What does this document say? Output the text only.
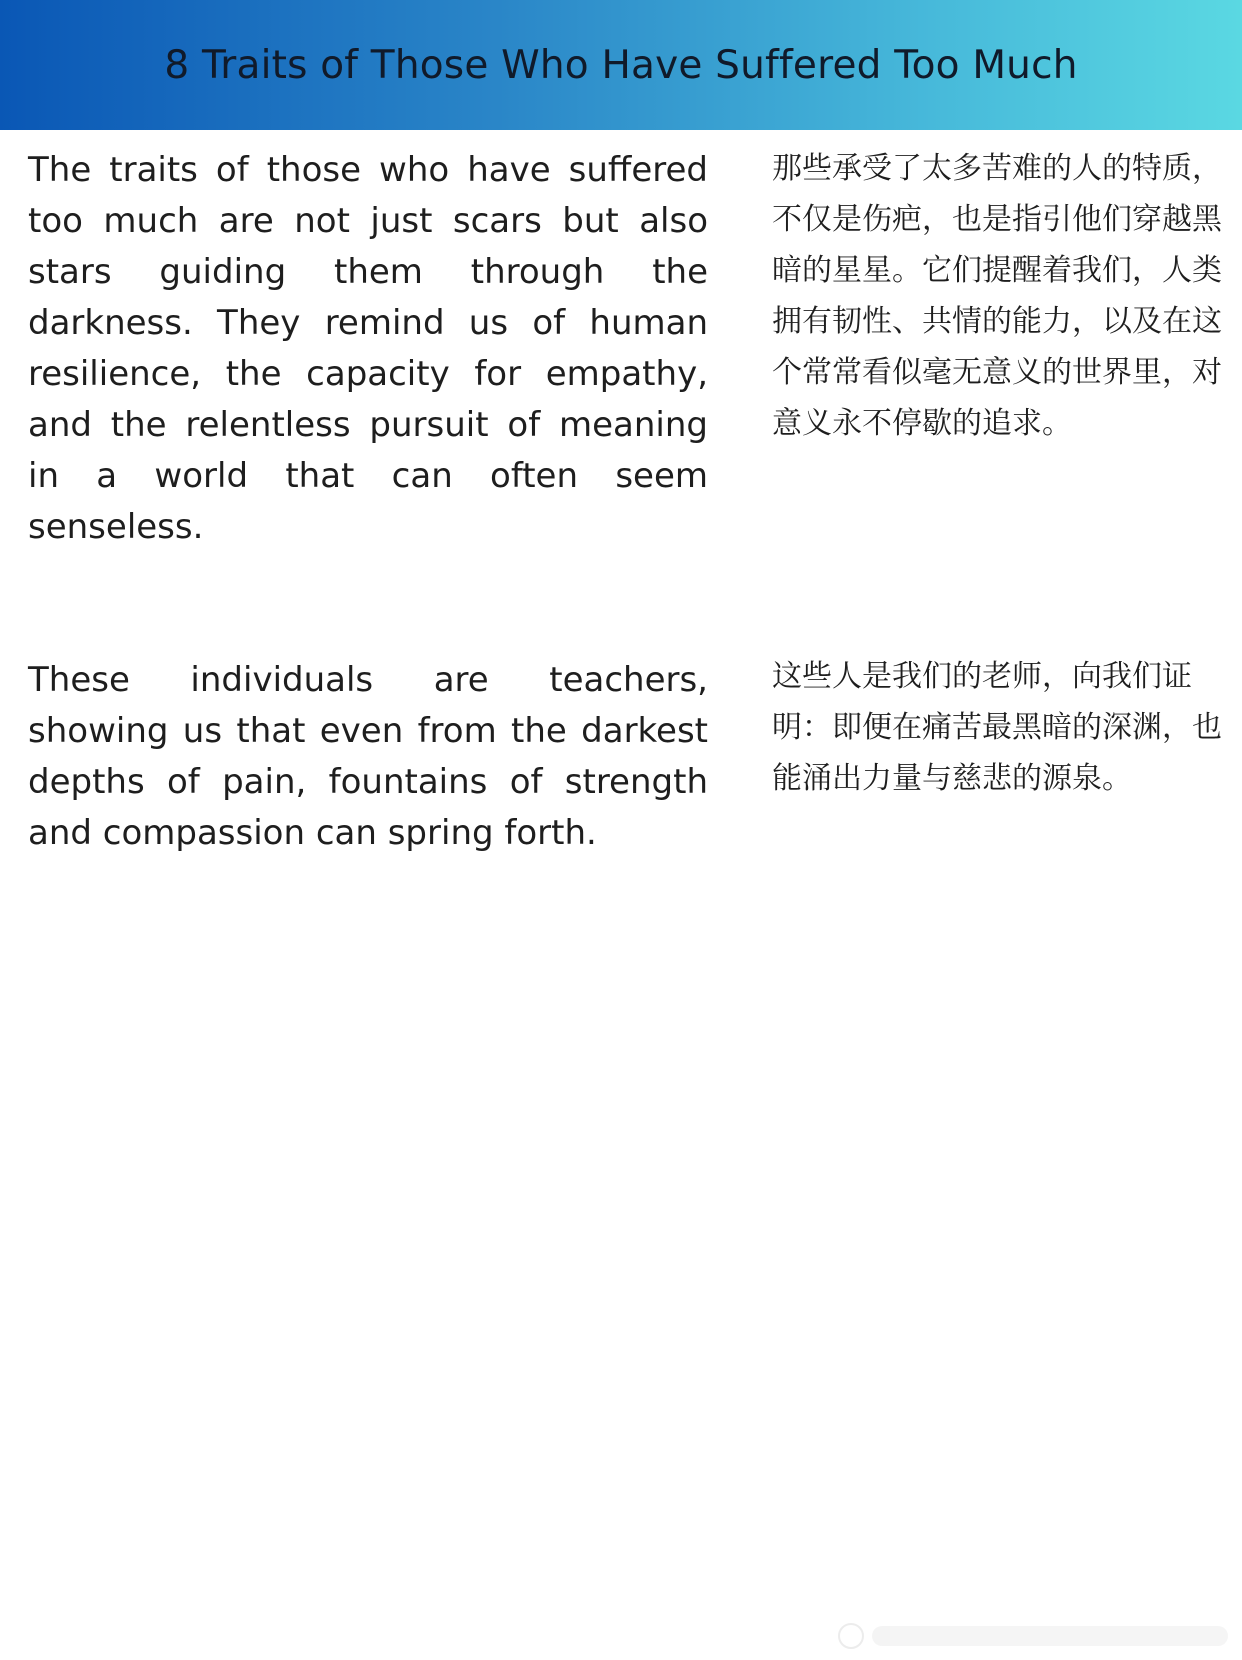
8 Traits of Those Who Have Suffered Too Much

The traits of those who have suffered too much are not just scars but also stars guiding them through the darkness. They remind us of human resilience, the capacity for empathy, and the relentless pursuit of meaning in a world that can often seem senseless.

那些承受了太多苦难的人的特质，不仅是伤疤，也是指引他们穿越黑暗的星星。它们提醒着我们，人类拥有韧性、共情的能力，以及在这个常常看似毫无意义的世界里，对意义永不停歇的追求。

These individuals are teachers, showing us that even from the darkest depths of pain, fountains of strength and compassion can spring forth.

这些人是我们的老师，向我们证明：即便在痛苦最黑暗的深渊，也能涌出力量与慈悲的源泉。
